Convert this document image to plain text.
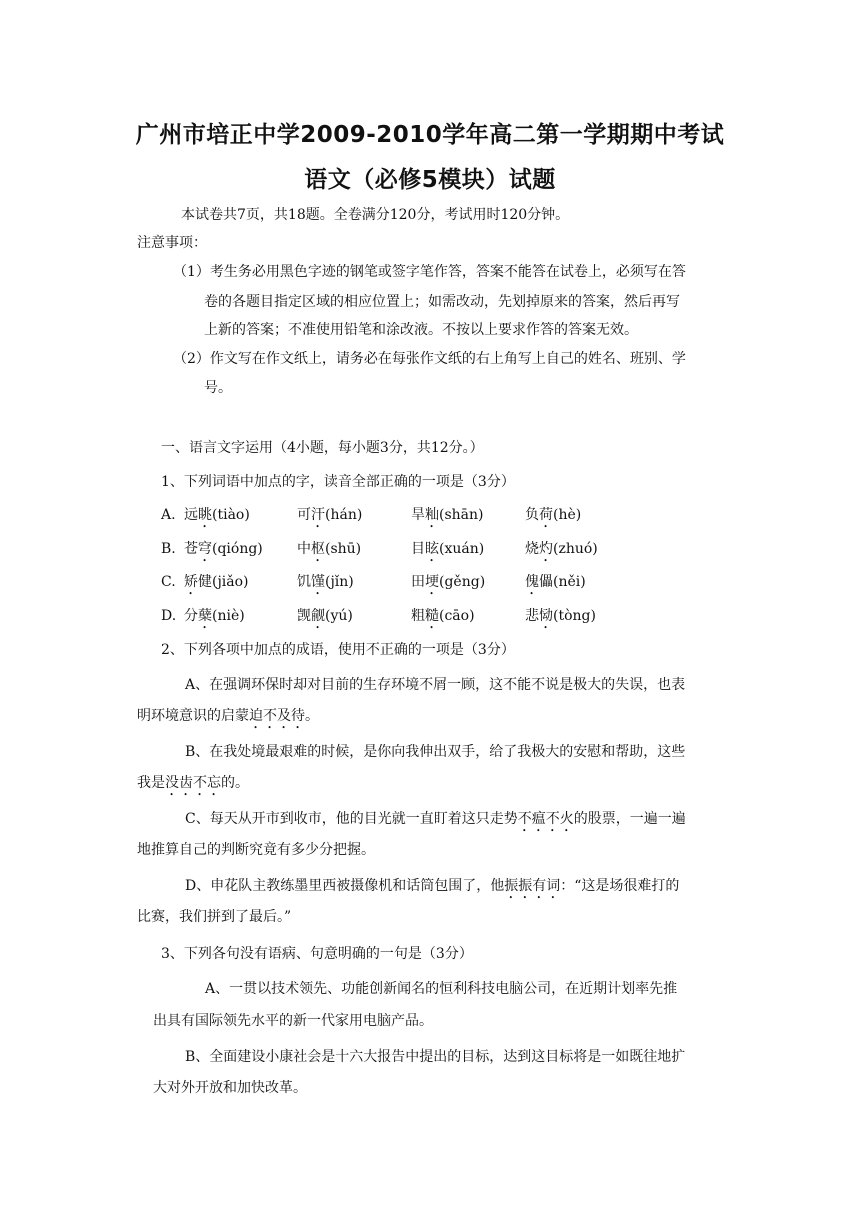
广州市培正中学2009-2010学年高二第一学期期中考试
语文（必修5模块）试题
本试卷共7页，共18题。全卷满分120分，考试用时120分钟。
注意事项：
（1）考生务必用黑色字迹的钢笔或签字笔作答，答案不能答在试卷上，必须写在答
卷的各题目指定区域的相应位置上；如需改动，先划掉原来的答案，然后再写
上新的答案；不准使用铅笔和涂改液。不按以上要求作答的答案无效。
（2）作文写在作文纸上，请务必在每张作文纸的右上角写上自己的姓名、班别、学
号。
一、语言文字运用（4小题，每小题3分，共12分。）
1、下列词语中加点的字，读音全部正确的一项是（3分）
A. 远眺(tiào)	可汗(hán)	旱籼(shān)	负荷(hè)
B. 苍穹(qióng) 中枢(shū)	目眩(xuán)	烧灼(zhuó)
C. 矫健(jiǎo)	饥馑(jǐn)	田埂(gěng)	傀儡(něi)
D. 分蘖(niè)	觊觎(yú)	粗糙(cāo)	悲恸(tòng)
2、下列各项中加点的成语，使用不正确的一项是（3分）
A、在强调环保时却对目前的生存环境不屑一顾，这不能不说是极大的失误，也表
明环境意识的启蒙迫不及待。
B、在我处境最艰难的时候，是你向我伸出双手，给了我极大的安慰和帮助，这些
我是没齿不忘的。
C、每天从开市到收市，他的目光就一直盯着这只走势不瘟不火的股票，一遍一遍
地推算自己的判断究竟有多少分把握。
D、申花队主教练墨里西被摄像机和话筒包围了，他振振有词：“这是场很难打的
比赛，我们拼到了最后。”
3、下列各句没有语病、句意明确的一句是（3分）
A、一贯以技术领先、功能创新闻名的恒利科技电脑公司，在近期计划率先推
出具有国际领先水平的新一代家用电脑产品。
B、全面建设小康社会是十六大报告中提出的目标，达到这目标将是一如既往地扩
大对外开放和加快改革。
